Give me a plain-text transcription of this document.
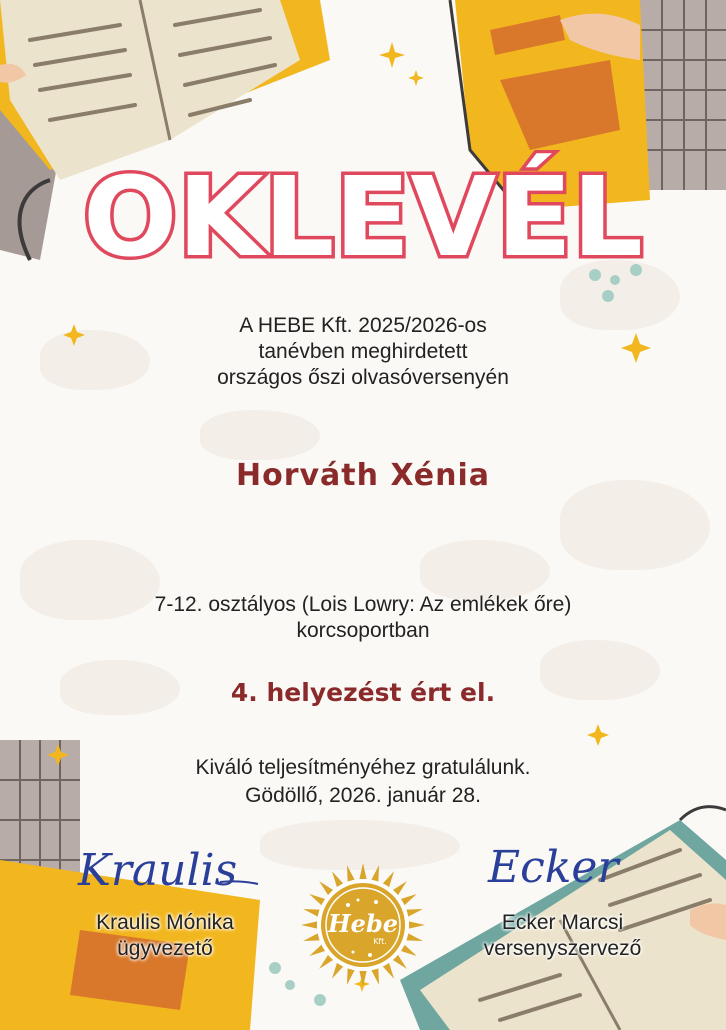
OKLEVÉL
A HEBE Kft. 2025/2026-os
tanévben meghirdetett
országos őszi olvasóversenyén
Horváth Xénia
7-12. osztályos (Lois Lowry: Az emlékek őre)
korcsoportban
4. helyezést ért el.
Kiváló teljesítményéhez gratulálunk.
Gödöllő, 2026. január 28.
Kraulis	Ecker
Kraulis Mónika
ügyvezető
Ecker Marcsi
versenyszervező
Hebe
Kft.
